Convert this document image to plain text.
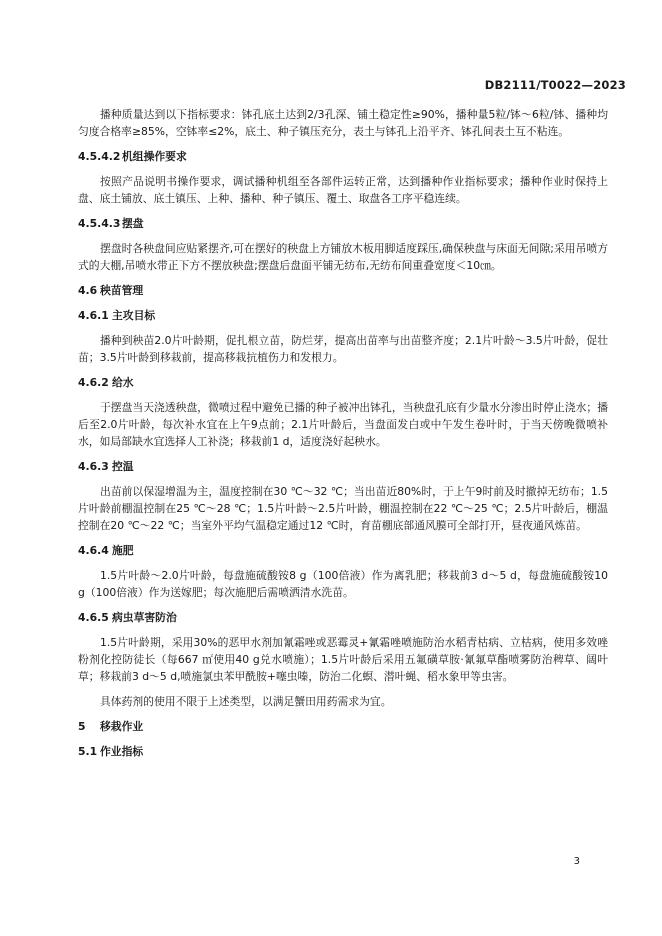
DB2111/T0022—2023

播种质量达到以下指标要求：钵孔底土达到2/3孔深、铺土稳定性≥90%，播种量5粒/钵～6粒/钵、播种均匀度合格率≥85%，空钵率≤2%，底土、种子镇压充分，表土与钵孔上沿平齐、钵孔间表土互不粘连。

4.5.4.2 机组操作要求

按照产品说明书操作要求，调试播种机组至各部件运转正常，达到播种作业指标要求；播种作业时保持上盘、底土铺放、底土镇压、上种、播种、种子镇压、覆土、取盘各工序平稳连续。

4.5.4.3 摆盘

摆盘时各秧盘间应贴紧摆齐,可在摆好的秧盘上方铺放木板用脚适度踩压,确保秧盘与床面无间隙;采用吊喷方式的大棚,吊喷水带正下方不摆放秧盘;摆盘后盘面平铺无纺布,无纺布间重叠宽度＜10㎝。

4.6 秧苗管理
4.6.1 主攻目标

播种到秧苗2.0片叶龄期，促扎根立苗，防烂芽，提高出苗率与出苗整齐度；2.1片叶龄～3.5片叶龄，促壮苗；3.5片叶龄到移栽前，提高移栽抗植伤力和发根力。

4.6.2 给水

于摆盘当天浇透秧盘，微喷过程中避免已播的种子被冲出钵孔，当秧盘孔底有少量水分渗出时停止浇水；播后至2.0片叶龄，每次补水宜在上午9点前；2.1片叶龄后，当盘面发白或中午发生卷叶时，于当天傍晚微喷补水，如局部缺水宜选择人工补浇；移栽前1 d，适度浇好起秧水。

4.6.3 控温

出苗前以保湿增温为主，温度控制在30 ℃～32 ℃；当出苗近80%时，于上午9时前及时撤掉无纺布；1.5片叶龄前棚温控制在25 ℃～28 ℃；1.5片叶龄～2.5片叶龄，棚温控制在22 ℃～25 ℃；2.5片叶龄后，棚温控制在20 ℃～22 ℃；当室外平均气温稳定通过12 ℃时，育苗棚底部通风膜可全部打开，昼夜通风炼苗。

4.6.4 施肥

1.5片叶龄～2.0片叶龄，每盘施硫酸铵8 g（100倍液）作为离乳肥；移栽前3 d～5 d，每盘施硫酸铵10 g（100倍液）作为送嫁肥；每次施肥后需喷洒清水洗苗。

4.6.5 病虫草害防治

1.5片叶龄期，采用30%的恶甲水剂加氰霜唑或恶霉灵+氰霜唑喷施防治水稻青枯病、立枯病，使用多效唑粉剂化控防徒长（每667 ㎡使用40 g兑水喷施）；1.5片叶龄后采用五氟磺草胺·氰氟草酯喷雾防治稗草、阔叶草；移栽前3 d～5 d,喷施氯虫苯甲酰胺+噻虫嗪，防治二化螟、潜叶蝇、稻水象甲等虫害。

具体药剂的使用不限于上述类型，以满足蟹田用药需求为宜。

5 移栽作业
5.1 作业指标
3
